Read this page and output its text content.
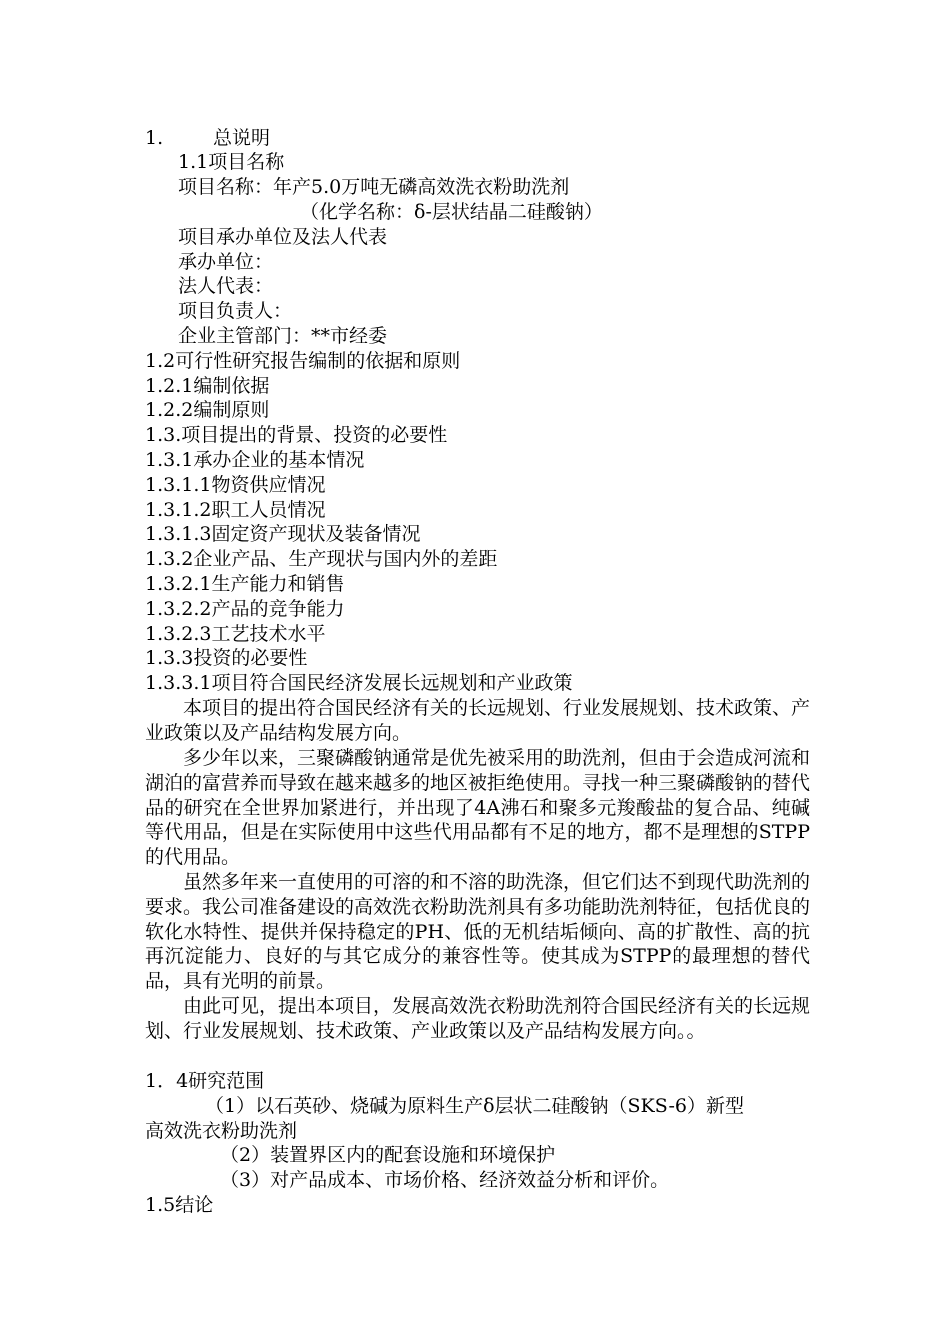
1.	总说明
1.1项目名称
项目名称：年产5.0万吨无磷高效洗衣粉助洗剂
（化学名称：δ-层状结晶二硅酸钠）
项目承办单位及法人代表
承办单位：
法人代表：
项目负责人：
企业主管部门：**市经委
1.2可行性研究报告编制的依据和原则
1.2.1编制依据
1.2.2编制原则
1.3.项目提出的背景、投资的必要性
1.3.1承办企业的基本情况
1.3.1.1物资供应情况
1.3.1.2职工人员情况
1.3.1.3固定资产现状及装备情况
1.3.2企业产品、生产现状与国内外的差距
1.3.2.1生产能力和销售
1.3.2.2产品的竞争能力
1.3.2.3工艺技术水平
1.3.3投资的必要性
1.3.3.1项目符合国民经济发展长远规划和产业政策
本项目的提出符合国民经济有关的长远规划、行业发展规划、技术政策、产业政策以及产品结构发展方向。
多少年以来，三聚磷酸钠通常是优先被采用的助洗剂，但由于会造成河流和湖泊的富营养而导致在越来越多的地区被拒绝使用。寻找一种三聚磷酸钠的替代品的研究在全世界加紧进行，并出现了4A沸石和聚多元羧酸盐的复合品、纯碱等代用品，但是在实际使用中这些代用品都有不足的地方，都不是理想的STPP的代用品。
虽然多年来一直使用的可溶的和不溶的助洗涤，但它们达不到现代助洗剂的要求。我公司准备建设的高效洗衣粉助洗剂具有多功能助洗剂特征，包括优良的软化水特性、提供并保持稳定的PH、低的无机结垢倾向、高的扩散性、高的抗再沉淀能力、良好的与其它成分的兼容性等。使其成为STPP的最理想的替代品，具有光明的前景。
由此可见，提出本项目，发展高效洗衣粉助洗剂符合国民经济有关的长远规划、行业发展规划、技术政策、产业政策以及产品结构发展方向。。
1．4研究范围
（1）以石英砂、烧碱为原料生产δ层状二硅酸钠（SKS-6）新型
高效洗衣粉助洗剂
（2）装置界区内的配套设施和环境保护
（3）对产品成本、市场价格、经济效益分析和评价。
1.5结论
